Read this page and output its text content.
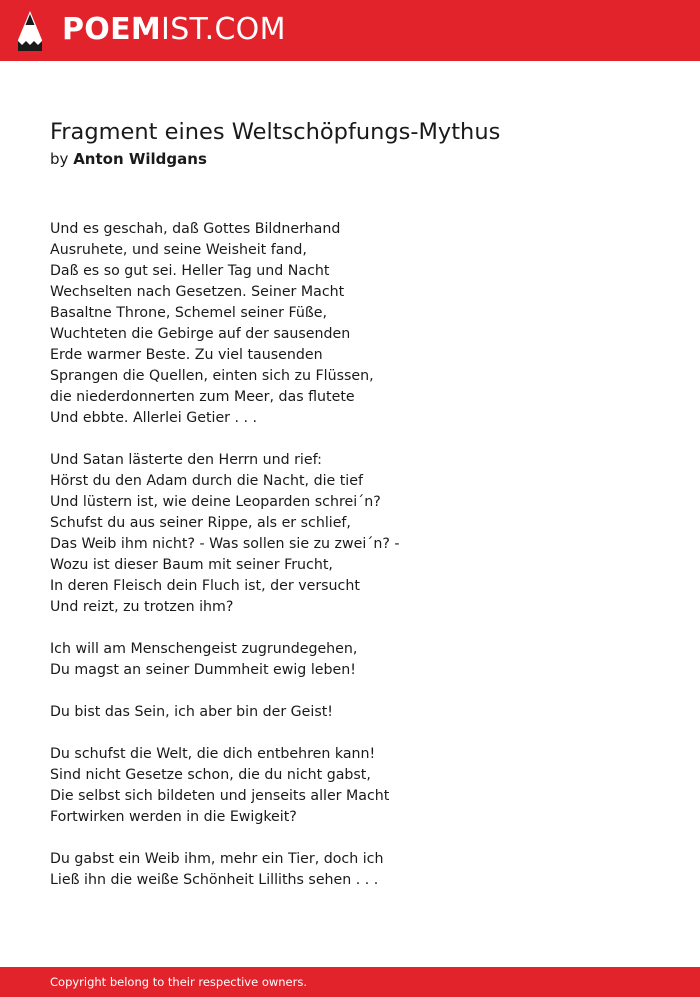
POEMIST.COM
Fragment eines Weltschöpfungs-Mythus
by Anton Wildgans
Und es geschah, daß Gottes Bildnerhand
Ausruhete, und seine Weisheit fand,
Daß es so gut sei. Heller Tag und Nacht
Wechselten nach Gesetzen. Seiner Macht
Basaltne Throne, Schemel seiner Füße,
Wuchteten die Gebirge auf der sausenden
Erde warmer Beste. Zu viel tausenden
Sprangen die Quellen, einten sich zu Flüssen,
die niederdonnerten zum Meer, das flutete
Und ebbte. Allerlei Getier . . .
Und Satan lästerte den Herrn und rief:
Hörst du den Adam durch die Nacht, die tief
Und lüstern ist, wie deine Leoparden schrei´n?
Schufst du aus seiner Rippe, als er schlief,
Das Weib ihm nicht? - Was sollen sie zu zwei´n? -
Wozu ist dieser Baum mit seiner Frucht,
In deren Fleisch dein Fluch ist, der versucht
Und reizt, zu trotzen ihm?
Ich will am Menschengeist zugrundegehen,
Du magst an seiner Dummheit ewig leben!
Du bist das Sein, ich aber bin der Geist!
Du schufst die Welt, die dich entbehren kann!
Sind nicht Gesetze schon, die du nicht gabst,
Die selbst sich bildeten und jenseits aller Macht
Fortwirken werden in die Ewigkeit?
Du gabst ein Weib ihm, mehr ein Tier, doch ich
Ließ ihn die weiße Schönheit Lilliths sehen . . .
Copyright belong to their respective owners.
